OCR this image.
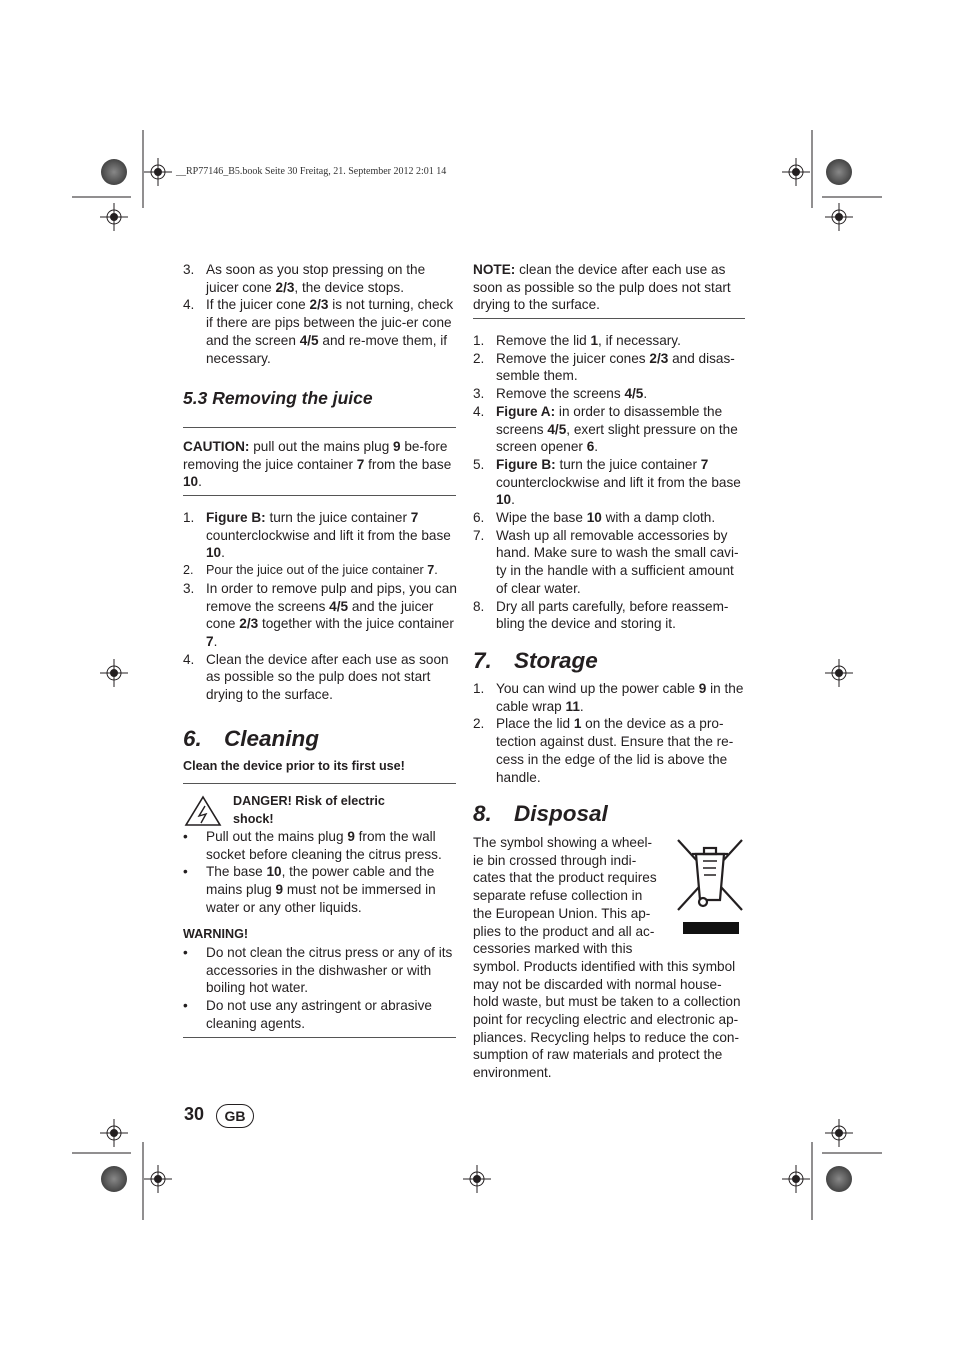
__RP77146_B5.book Seite 30 Freitag, 21. September 2012 2:01 14
3. As soon as you stop pressing on the juicer cone 2/3, the device stops.
4. If the juicer cone 2/3 is not turning, check if there are pips between the juic-er cone and the screen 4/5 and re-move them, if necessary.

5.3 Removing the juice

CAUTION: pull out the mains plug 9 be-fore removing the juice container 7 from the base 10.

1. Figure B: turn the juice container 7 counterclockwise and lift it from the base 10.
2. Pour the juice out of the juice container 7.
3. In order to remove pulp and pips, you can remove the screens 4/5 and the juicer cone 2/3 together with the juice container 7.
4. Clean the device after each use as soon as possible so the pulp does not start drying to the surface.

6. Cleaning

Clean the device prior to its first use!
DANGER! Risk of electric
shock!
• Pull out the mains plug 9 from the wall socket before cleaning the citrus press.
• The base 10, the power cable and the mains plug 9 must not be immersed in water or any other liquids.
WARNING!
• Do not clean the citrus press or any of its accessories in the dishwasher or with boiling hot water.
• Do not use any astringent or abrasive cleaning agents.

NOTE: clean the device after each use as soon as possible so the pulp does not start drying to the surface.

1. Remove the lid 1, if necessary.
2. Remove the juicer cones 2/3 and disas-semble them.
3. Remove the screens 4/5.
4. Figure A: in order to disassemble the screens 4/5, exert slight pressure on the screen opener 6.
5. Figure B: turn the juice container 7 counterclockwise and lift it from the base 10.
6. Wipe the base 10 with a damp cloth.
7. Wash up all removable accessories by hand. Make sure to wash the small cavi-ty in the handle with a sufficient amount of clear water.
8. Dry all parts carefully, before reassem-bling the device and storing it.

7. Storage

1. You can wind up the power cable 9 in the cable wrap 11.
2. Place the lid 1 on the device as a pro-tection against dust. Ensure that the re-cess in the edge of the lid is above the handle.

8. Disposal

The symbol showing a wheel-
ie bin crossed through indi-
cates that the product requires
separate refuse collection in
the European Union. This ap-
plies to the product and all ac-
cessories marked with this
symbol. Products identified with this symbol
may not be discarded with normal house-
hold waste, but must be taken to a collection
point for recycling electric and electronic ap-
pliances. Recycling helps to reduce the con-
sumption of raw materials and protect the
environment.
30	GB
